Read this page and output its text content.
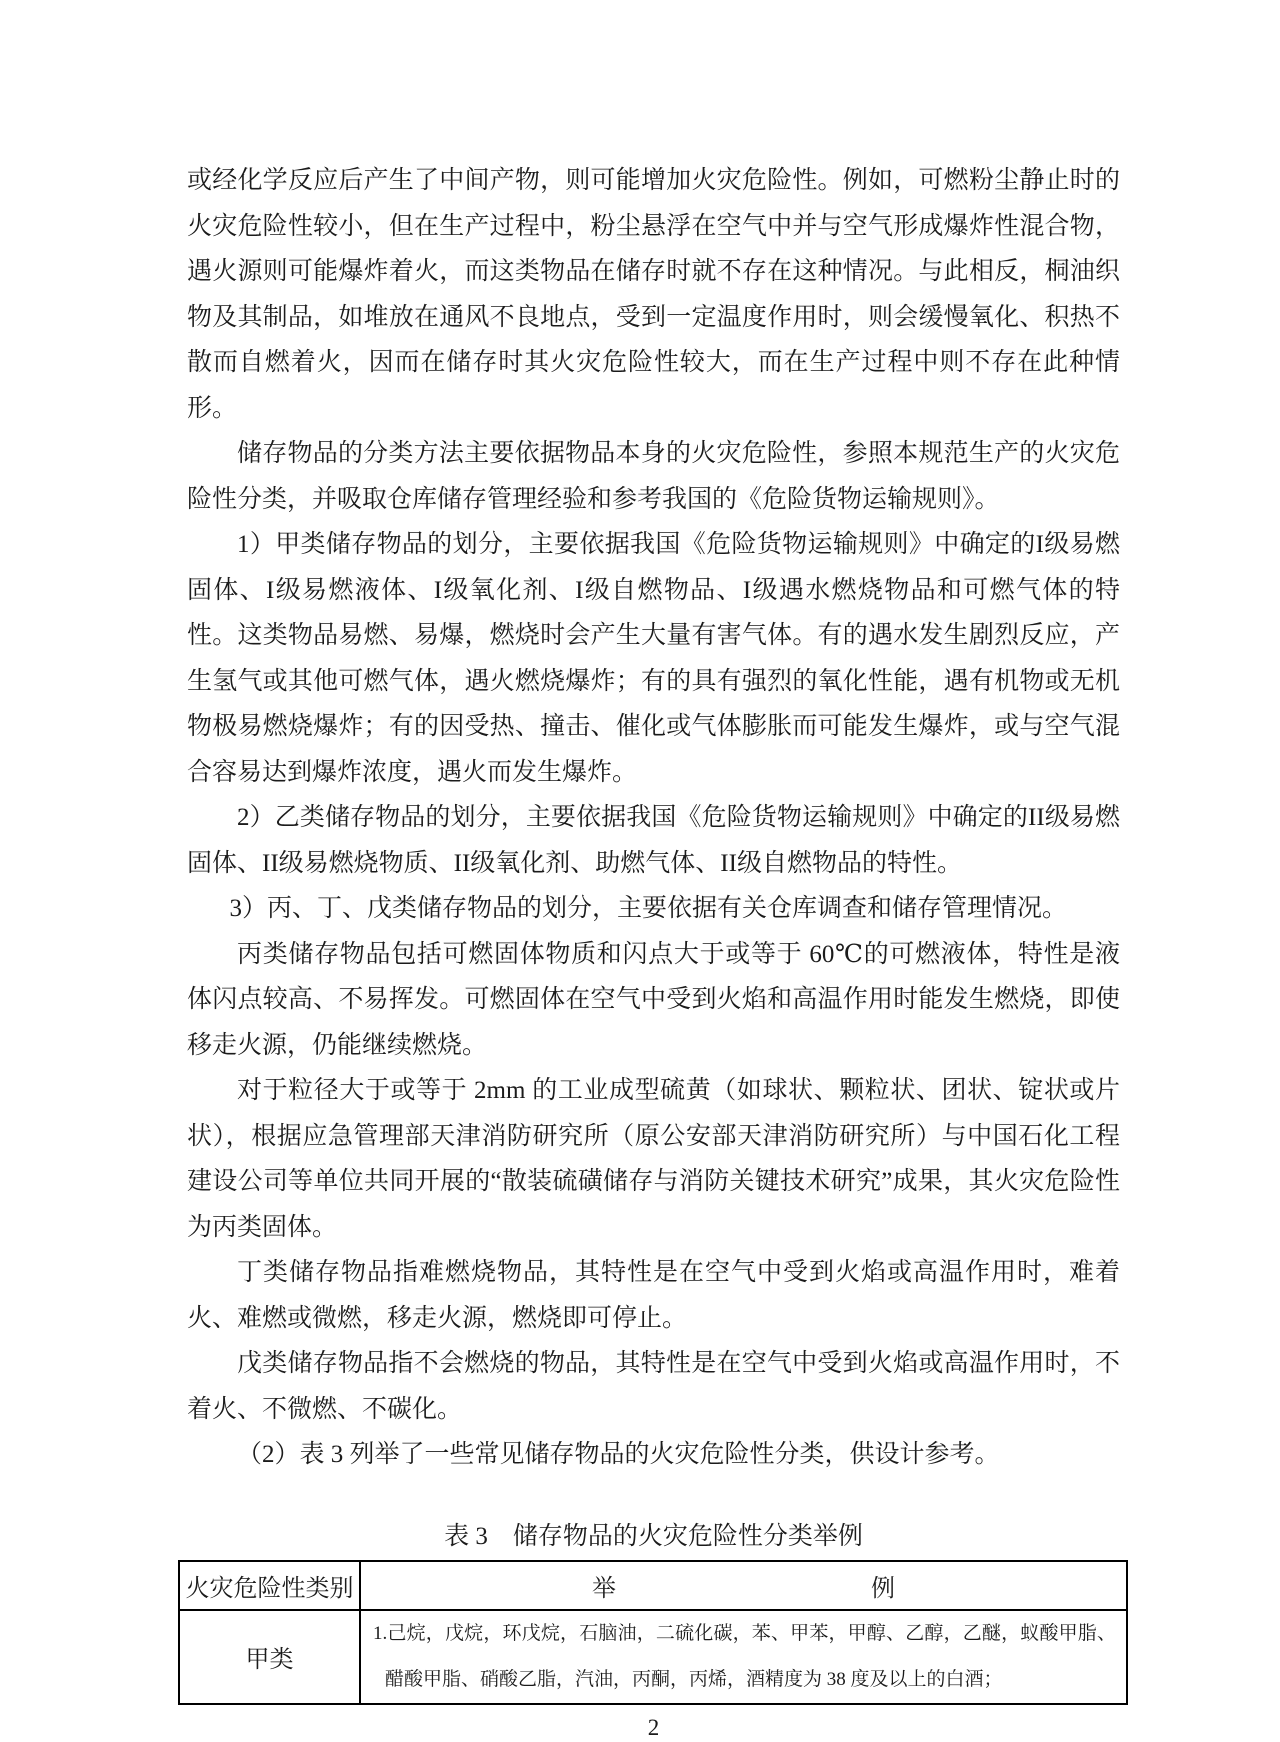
或经化学反应后产生了中间产物，则可能增加火灾危险性。例如，可燃粉尘静止时的火灾危险性较小，但在生产过程中，粉尘悬浮在空气中并与空气形成爆炸性混合物，遇火源则可能爆炸着火，而这类物品在储存时就不存在这种情况。与此相反，桐油织物及其制品，如堆放在通风不良地点，受到一定温度作用时，则会缓慢氧化、积热不散而自燃着火，因而在储存时其火灾危险性较大，而在生产过程中则不存在此种情形。

储存物品的分类方法主要依据物品本身的火灾危险性，参照本规范生产的火灾危险性分类，并吸取仓库储存管理经验和参考我国的《危险货物运输规则》。

1）甲类储存物品的划分，主要依据我国《危险货物运输规则》中确定的I级易燃固体、I级易燃液体、I级氧化剂、I级自燃物品、I级遇水燃烧物品和可燃气体的特性。这类物品易燃、易爆，燃烧时会产生大量有害气体。有的遇水发生剧烈反应，产生氢气或其他可燃气体，遇火燃烧爆炸；有的具有强烈的氧化性能，遇有机物或无机物极易燃烧爆炸；有的因受热、撞击、催化或气体膨胀而可能发生爆炸，或与空气混合容易达到爆炸浓度，遇火而发生爆炸。

2）乙类储存物品的划分，主要依据我国《危险货物运输规则》中确定的II级易燃固体、II级易燃烧物质、II级氧化剂、助燃气体、II级自燃物品的特性。

3）丙、丁、戊类储存物品的划分，主要依据有关仓库调查和储存管理情况。

丙类储存物品包括可燃固体物质和闪点大于或等于 60℃的可燃液体，特性是液体闪点较高、不易挥发。可燃固体在空气中受到火焰和高温作用时能发生燃烧，即使移走火源，仍能继续燃烧。

对于粒径大于或等于 2mm 的工业成型硫黄（如球状、颗粒状、团状、锭状或片状），根据应急管理部天津消防研究所（原公安部天津消防研究所）与中国石化工程建设公司等单位共同开展的“散装硫磺储存与消防关键技术研究”成果，其火灾危险性为丙类固体。

丁类储存物品指难燃烧物品，其特性是在空气中受到火焰或高温作用时，难着火、难燃或微燃，移走火源，燃烧即可停止。

戊类储存物品指不会燃烧的物品，其特性是在空气中受到火焰或高温作用时，不着火、不微燃、不碳化。

（2）表 3 列举了一些常见储存物品的火灾危险性分类，供设计参考。

表 3　储存物品的火灾危险性分类举例
火灾危险性类别	举 例

甲类	1.己烷，戊烷，环戊烷，石脑油，二硫化碳，苯、甲苯，甲醇、乙醇，乙醚，蚁酸甲脂、醋酸甲脂、硝酸乙脂，汽油，丙酮，丙烯，酒精度为 38 度及以上的白酒；

2
